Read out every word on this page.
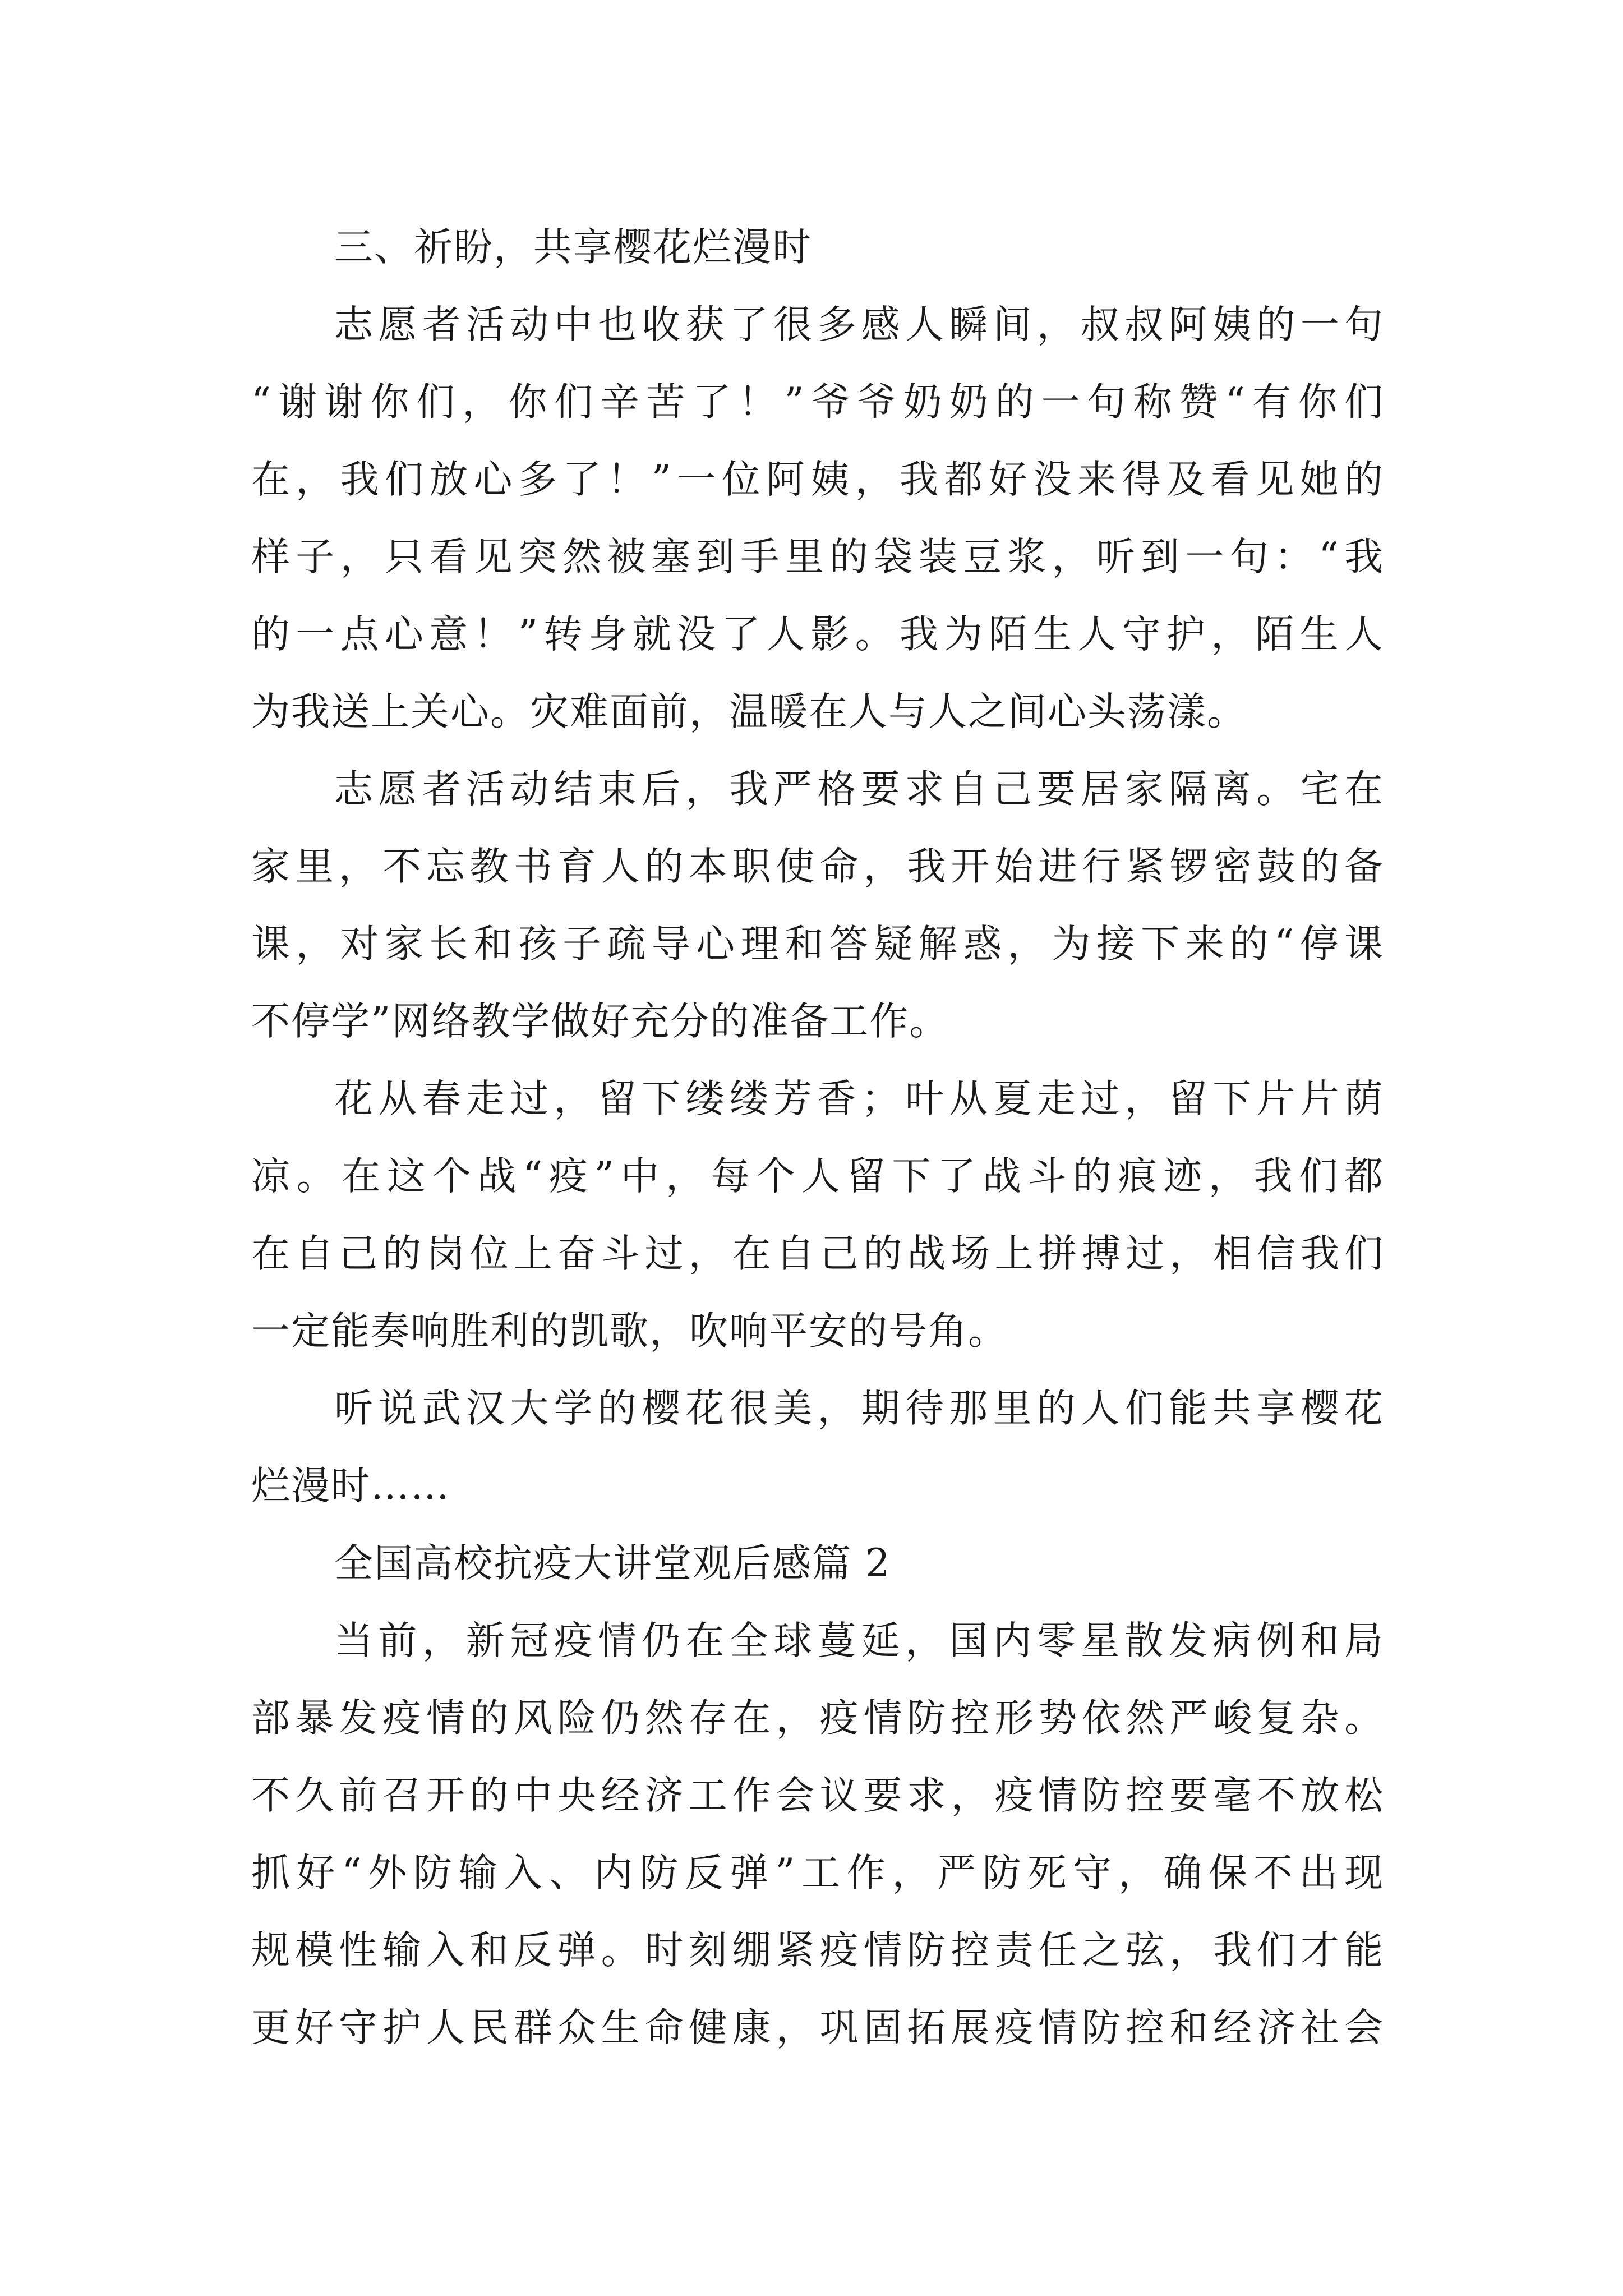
三、祈盼，共享樱花烂漫时
志愿者活动中也收获了很多感人瞬间，叔叔阿姨的一句
“谢谢你们，你们辛苦了！”爷爷奶奶的一句称赞“有你们
在，我们放心多了！”一位阿姨，我都好没来得及看见她的
样子，只看见突然被塞到手里的袋装豆浆，听到一句：“我
的一点心意！”转身就没了人影。我为陌生人守护，陌生人
为我送上关心。灾难面前，温暖在人与人之间心头荡漾。
志愿者活动结束后，我严格要求自己要居家隔离。宅在
家里，不忘教书育人的本职使命，我开始进行紧锣密鼓的备
课，对家长和孩子疏导心理和答疑解惑，为接下来的“停课
不停学”网络教学做好充分的准备工作。
花从春走过，留下缕缕芳香；叶从夏走过，留下片片荫
凉。在这个战“疫”中，每个人留下了战斗的痕迹，我们都
在自己的岗位上奋斗过，在自己的战场上拼搏过，相信我们
一定能奏响胜利的凯歌，吹响平安的号角。
听说武汉大学的樱花很美，期待那里的人们能共享樱花
烂漫时……
全国高校抗疫大讲堂观后感篇 2
当前，新冠疫情仍在全球蔓延，国内零星散发病例和局
部暴发疫情的风险仍然存在，疫情防控形势依然严峻复杂。
不久前召开的中央经济工作会议要求，疫情防控要毫不放松
抓好“外防输入、内防反弹”工作，严防死守，确保不出现
规模性输入和反弹。时刻绷紧疫情防控责任之弦，我们才能
更好守护人民群众生命健康，巩固拓展疫情防控和经济社会
